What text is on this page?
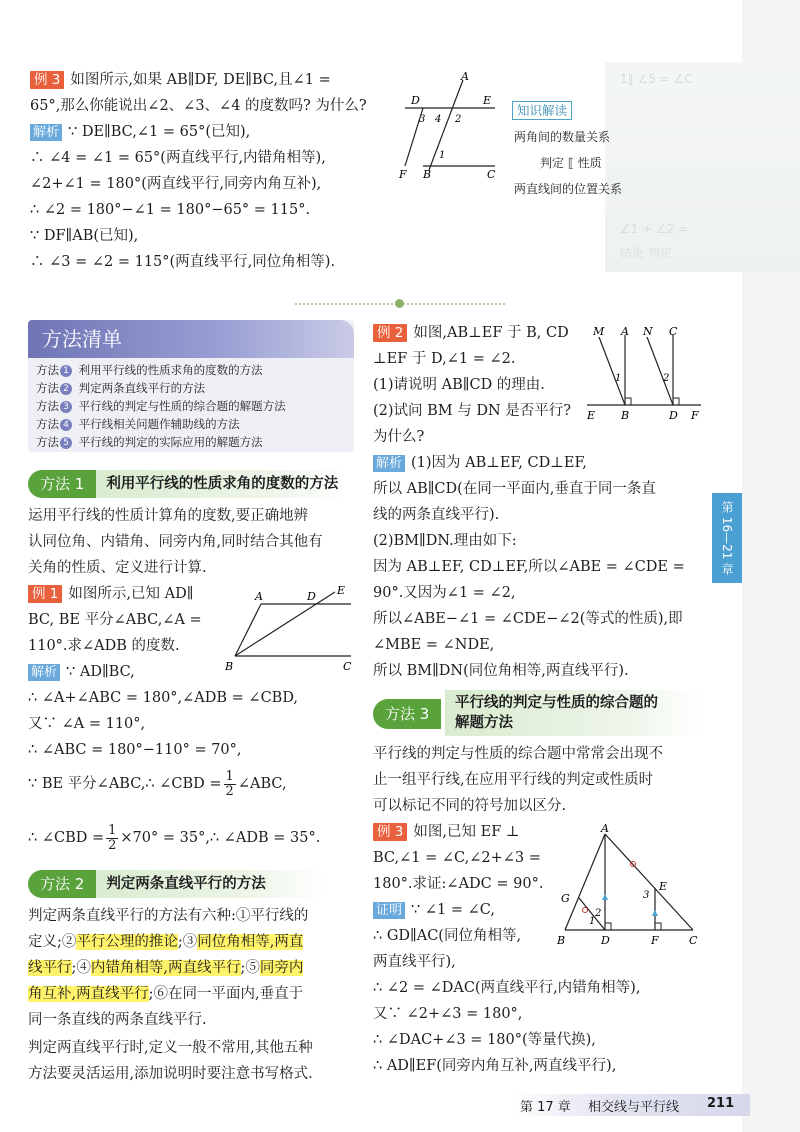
1∥ ∠5 = ∠C
∠1 + ∠2 =
结论 判定
例 3 如图所示,如果 AB∥DF, DE∥BC,且∠1 =
65°,那么你能说出∠2、∠3、∠4 的度数吗? 为什么?
解析 ∵ DE∥BC,∠1 = 65°(已知),
∴ ∠4 = ∠1 = 65°(两直线平行,内错角相等),
∠2+∠1 = 180°(两直线平行,同旁内角互补),
∴ ∠2 = 180°−∠1 = 180°−65° = 115°.
∵ DF∥AB(已知),
∴ ∠3 = ∠2 = 115°(两直线平行,同位角相等).
A
D	E
3 4 2
1
F B	C
知识解读
两角间的数量关系
判定 ⟦ 性质
两直线间的位置关系
方法清单
方法 1 利用平行线的性质求角的度数的方法
方法 2 判定两条直线平行的方法
方法 3 平行线的判定与性质的综合题的解题方法
方法 4 平行线相关问题作辅助线的方法
方法 5 平行线的判定的实际应用的解题方法
方法 1	利用平行线的性质求角的度数的方法
运用平行线的性质计算角的度数,要正确地辨
认同位角、内错角、同旁内角,同时结合其他有
关角的性质、定义进行计算.
例 1 如图所示,已知 AD∥
BC, BE 平分∠ABC,∠A =
110°.求∠ADB 的度数.
解析 ∵ AD∥BC,
∴ ∠A+∠ABC = 180°,∠ADB = ∠CBD,
又∵ ∠A = 110°,
∴ ∠ABC = 180°−110° = 70°,
∵ BE 平分∠ABC,∴ ∠CBD = $\frac{1}{2}$ ∠ABC,
∴ ∠CBD = $\frac{1}{2} \times 70^\circ$ = 35°,∴ ∠ADB = 35°.
A	D E
B	C
方法 2	判定两条直线平行的方法
判定两条直线平行的方法有六种:①平行线的
定义;②平行公理的推论;③同位角相等,两直
线平行;④内错角相等,两直线平行;⑤同旁内
角互补,两直线平行;⑥在同一平面内,垂直于
同一条直线的两条直线平行.
判定两直线平行时,定义一般不常用,其他五种
方法要灵活运用,添加说明时要注意书写格式.
例 2 如图,AB⊥EF 于 B, CD
⊥EF 于 D,∠1 = ∠2.
(1)请说明 AB∥CD 的理由.
(2)试问 BM 与 DN 是否平行?
为什么?
M A N C
1	2
E B	D F
解析 (1)因为 AB⊥EF, CD⊥EF,
所以 AB∥CD(在同一平面内,垂直于同一条直
线的两条直线平行).
(2)BM∥DN.理由如下:
因为 AB⊥EF, CD⊥EF,所以∠ABE = ∠CDE =
90°.又因为∠1 = ∠2,
所以∠ABE−∠1 = ∠CDE−∠2(等式的性质),即
∠MBE = ∠NDE,
所以 BM∥DN(同位角相等,两直线平行).
方法 3
平行线的判定与性质的综合题的
解题方法
平行线的判定与性质的综合题中常常会出现不
止一组平行线,在应用平行线的判定或性质时
可以标记不同的符号加以区分.
例 3 如图,已知 EF ⊥
BC,∠1 = ∠C,∠2+∠3 =
180°.求证:∠ADC = 90°.
证明 ∵ ∠1 = ∠C,
∴ GD∥AC(同位角相等,
两直线平行),
∴ ∠2 = ∠DAC(两直线平行,内错角相等),
又∵ ∠2+∠3 = 180°,
∴ ∠DAC+∠3 = 180°(等量代换),
∴ AD∥EF(同旁内角互补,两直线平行),
A
G
1
2
3
E
B	D	F	C
第 16—21 章
第 17 章 相交线与平行线 211
